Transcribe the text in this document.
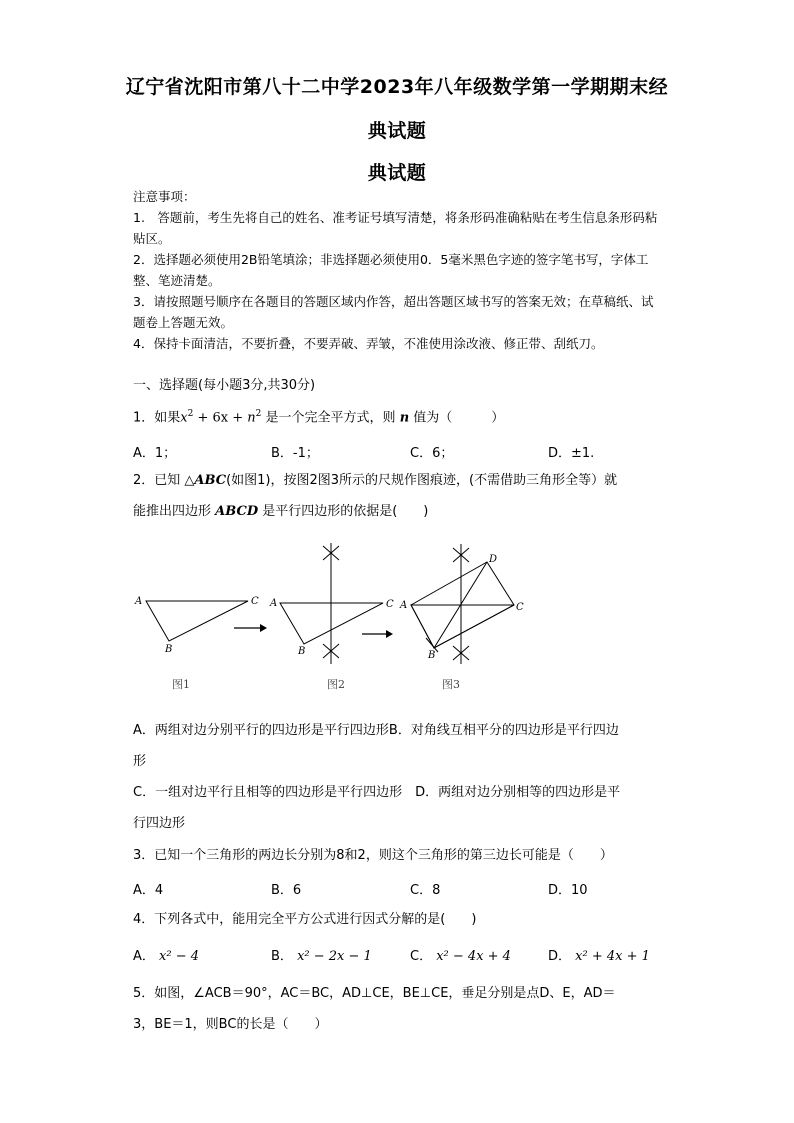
辽宁省沈阳市第八十二中学2023年八年级数学第一学期期末经
典试题
典试题

注意事项：

1.　答题前，考生先将自己的姓名、准考证号填写清楚，将条形码准确粘贴在考生信息条形码粘贴区。

2．选择题必须使用2B铅笔填涂；非选择题必须使用0．5毫米黑色字迹的签字笔书写，字体工整、笔迹清楚。

3．请按照题号顺序在各题目的答题区域内作答，超出答题区域书写的答案无效；在草稿纸、试题卷上答题无效。

4．保持卡面清洁，不要折叠，不要弄破、弄皱，不准使用涂改液、修正带、刮纸刀。

一、选择题(每小题3分,共30分)
1．如果$x^2 + 6x + n^2$ 是一个完全平方式，则 n 值为（　　　）
A．1；	B．-1；	C．6；	D．±1.
2．已知 △ABC(如图1)，按图2图3所示的尺规作图痕迹，(不需借助三角形全等）就
能推出四边形 ABCD 是平行四边形的依据是(　　)
A	C
B
A	C
B
A	C
B
D
图1	图2	图3
A．两组对边分别平行的四边形是平行四边形B．对角线互相平分的四边形是平行四边
形
C．一组对边平行且相等的四边形是平行四边形　 D．两组对边分别相等的四边形是平
行四边形
3．已知一个三角形的两边长分别为8和2，则这个三角形的第三边长可能是（　　）
A．4	B．6	C．8	D．10
4．下列各式中，能用完全平方公式进行因式分解的是(　　)
A． x² − 4	B． x² − 2x − 1	C． x² − 4x + 4	D． x² + 4x + 1
5．如图，∠ACB＝90°，AC＝BC，AD⊥CE，BE⊥CE，垂足分别是点D、E，AD＝
3，BE＝1，则BC的长是（　　）
